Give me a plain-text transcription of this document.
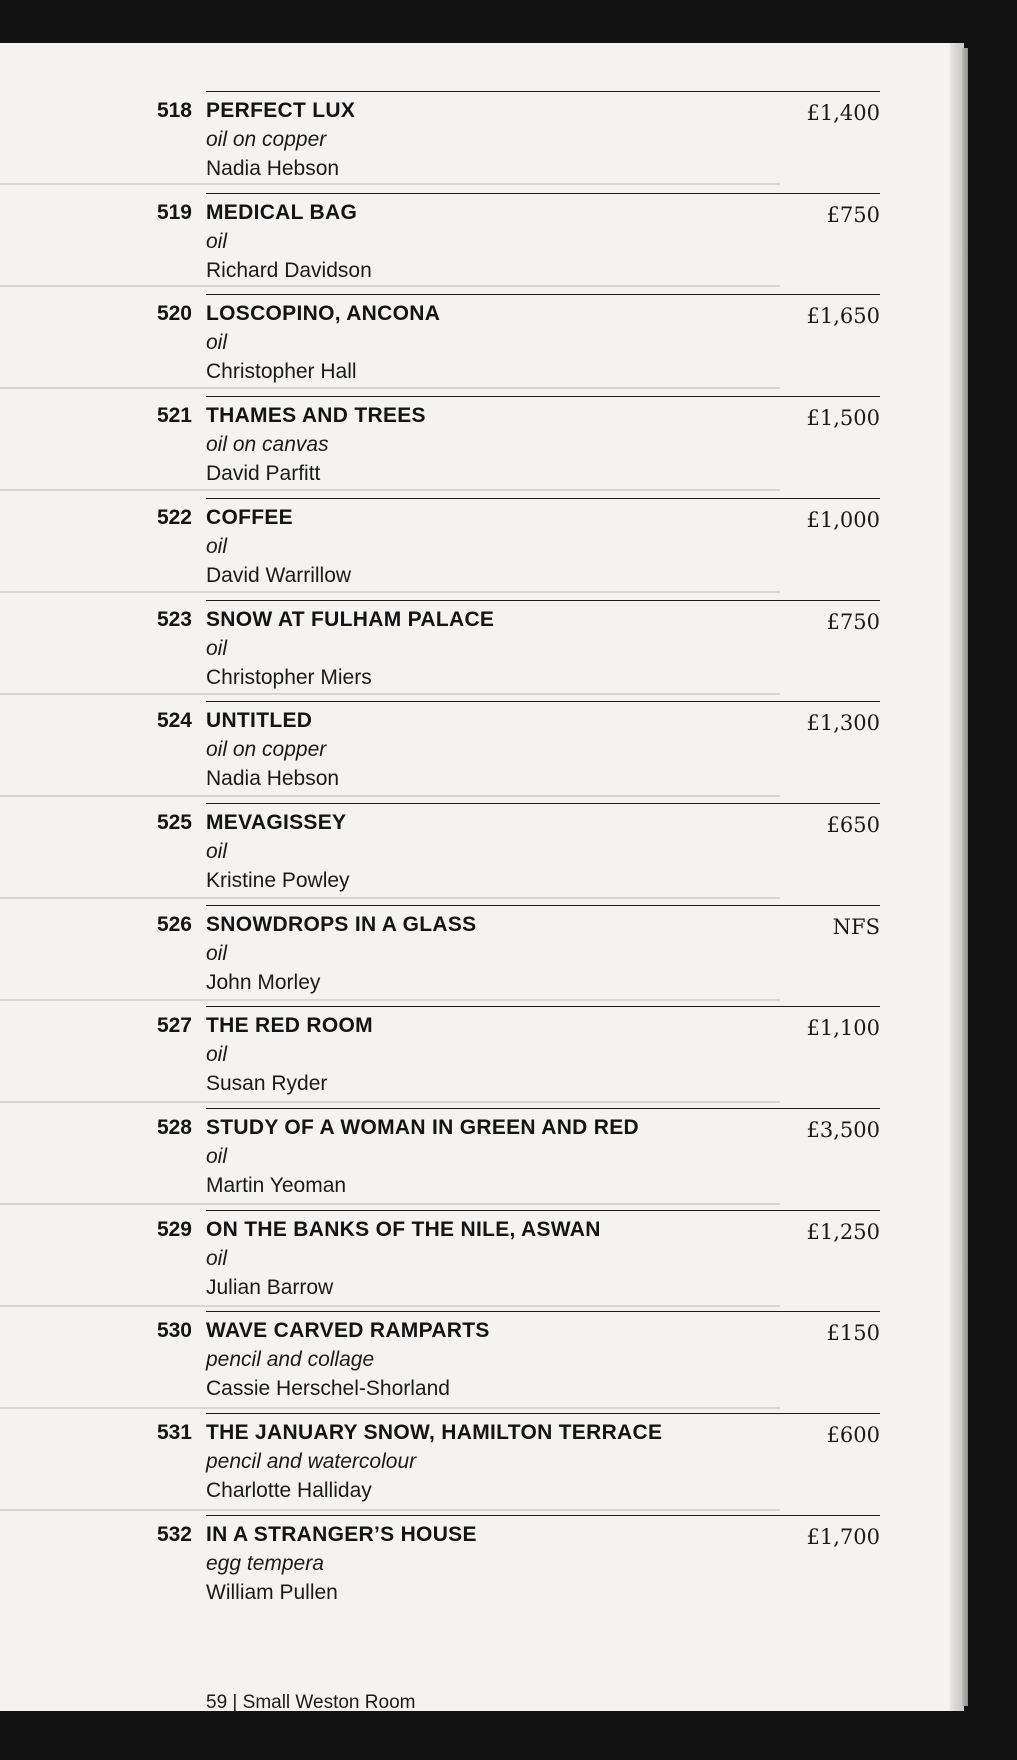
518 PERFECT LUX
oil on copper
Nadia Hebson
£1,400
519 MEDICAL BAG
oil
Richard Davidson
£750
520 LOSCOPINO, ANCONA
oil
Christopher Hall
£1,650
521 THAMES AND TREES
oil on canvas
David Parfitt
£1,500
522 COFFEE
oil
David Warrillow
£1,000
523 SNOW AT FULHAM PALACE
oil
Christopher Miers
£750
524 UNTITLED
oil on copper
Nadia Hebson
£1,300
525 MEVAGISSEY
oil
Kristine Powley
£650
526 SNOWDROPS IN A GLASS
oil
John Morley
NFS
527 THE RED ROOM
oil
Susan Ryder
£1,100
528 STUDY OF A WOMAN IN GREEN AND RED
oil
Martin Yeoman
£3,500
529 ON THE BANKS OF THE NILE, ASWAN
oil
Julian Barrow
£1,250
530 WAVE CARVED RAMPARTS
pencil and collage
Cassie Herschel-Shorland
£150
531 THE JANUARY SNOW, HAMILTON TERRACE
pencil and watercolour
Charlotte Halliday
£600
532 IN A STRANGER’S HOUSE
egg tempera
William Pullen
£1,700
59 | Small Weston Room
